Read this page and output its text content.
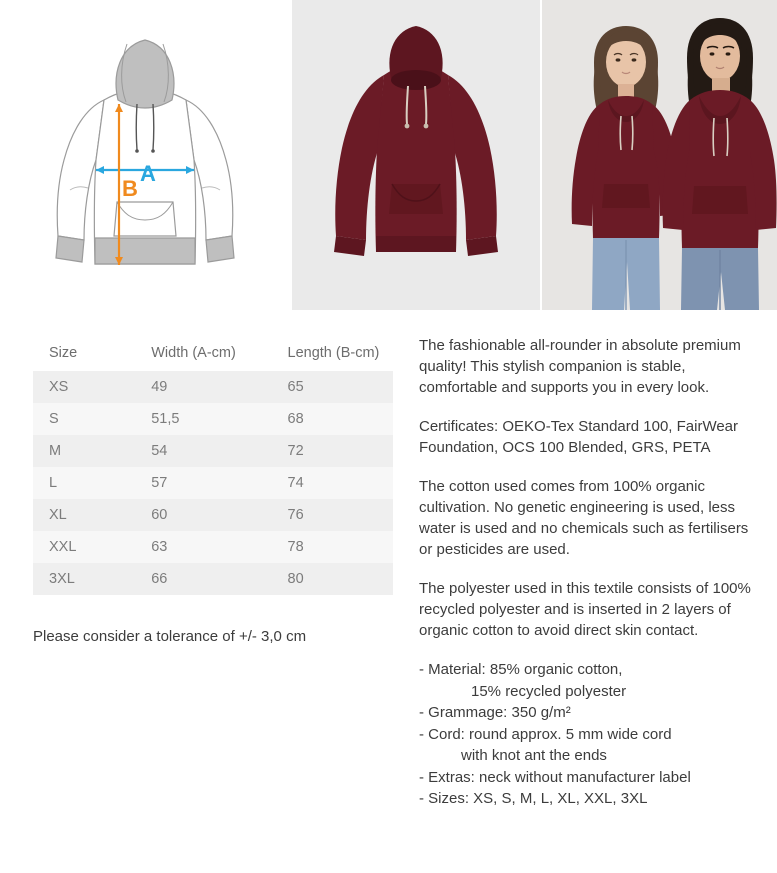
A
B
Size	Width (A-cm)	Length (B-cm)
XS	49	65
S	51,5	68
M	54	72
L	57	74
XL	60	76
XXL	63	78
3XL	66	80
Please consider a tolerance of +/- 3,0 cm

The fashionable all-rounder in absolute premium quality! This stylish companion is stable, comfortable and supports you in every look.

Certificates: OEKO-Tex Standard 100, FairWear Foundation, OCS 100 Blended, GRS, PETA

The cotton used comes from 100% organic cultivation. No genetic engineering is used, less water is used and no chemicals such as fertilisers or pesticides are used.

The polyester used in this textile consists of 100% recycled polyester and is inserted in 2 layers of organic cotton to avoid direct skin contact.

- Material: 85% organic cotton,
15% recycled polyester
- Grammage: 350 g/m²
- Cord: round approx. 5 mm wide cord
with knot ant the ends
- Extras: neck without manufacturer label
- Sizes: XS, S, M, L, XL, XXL, 3XL
